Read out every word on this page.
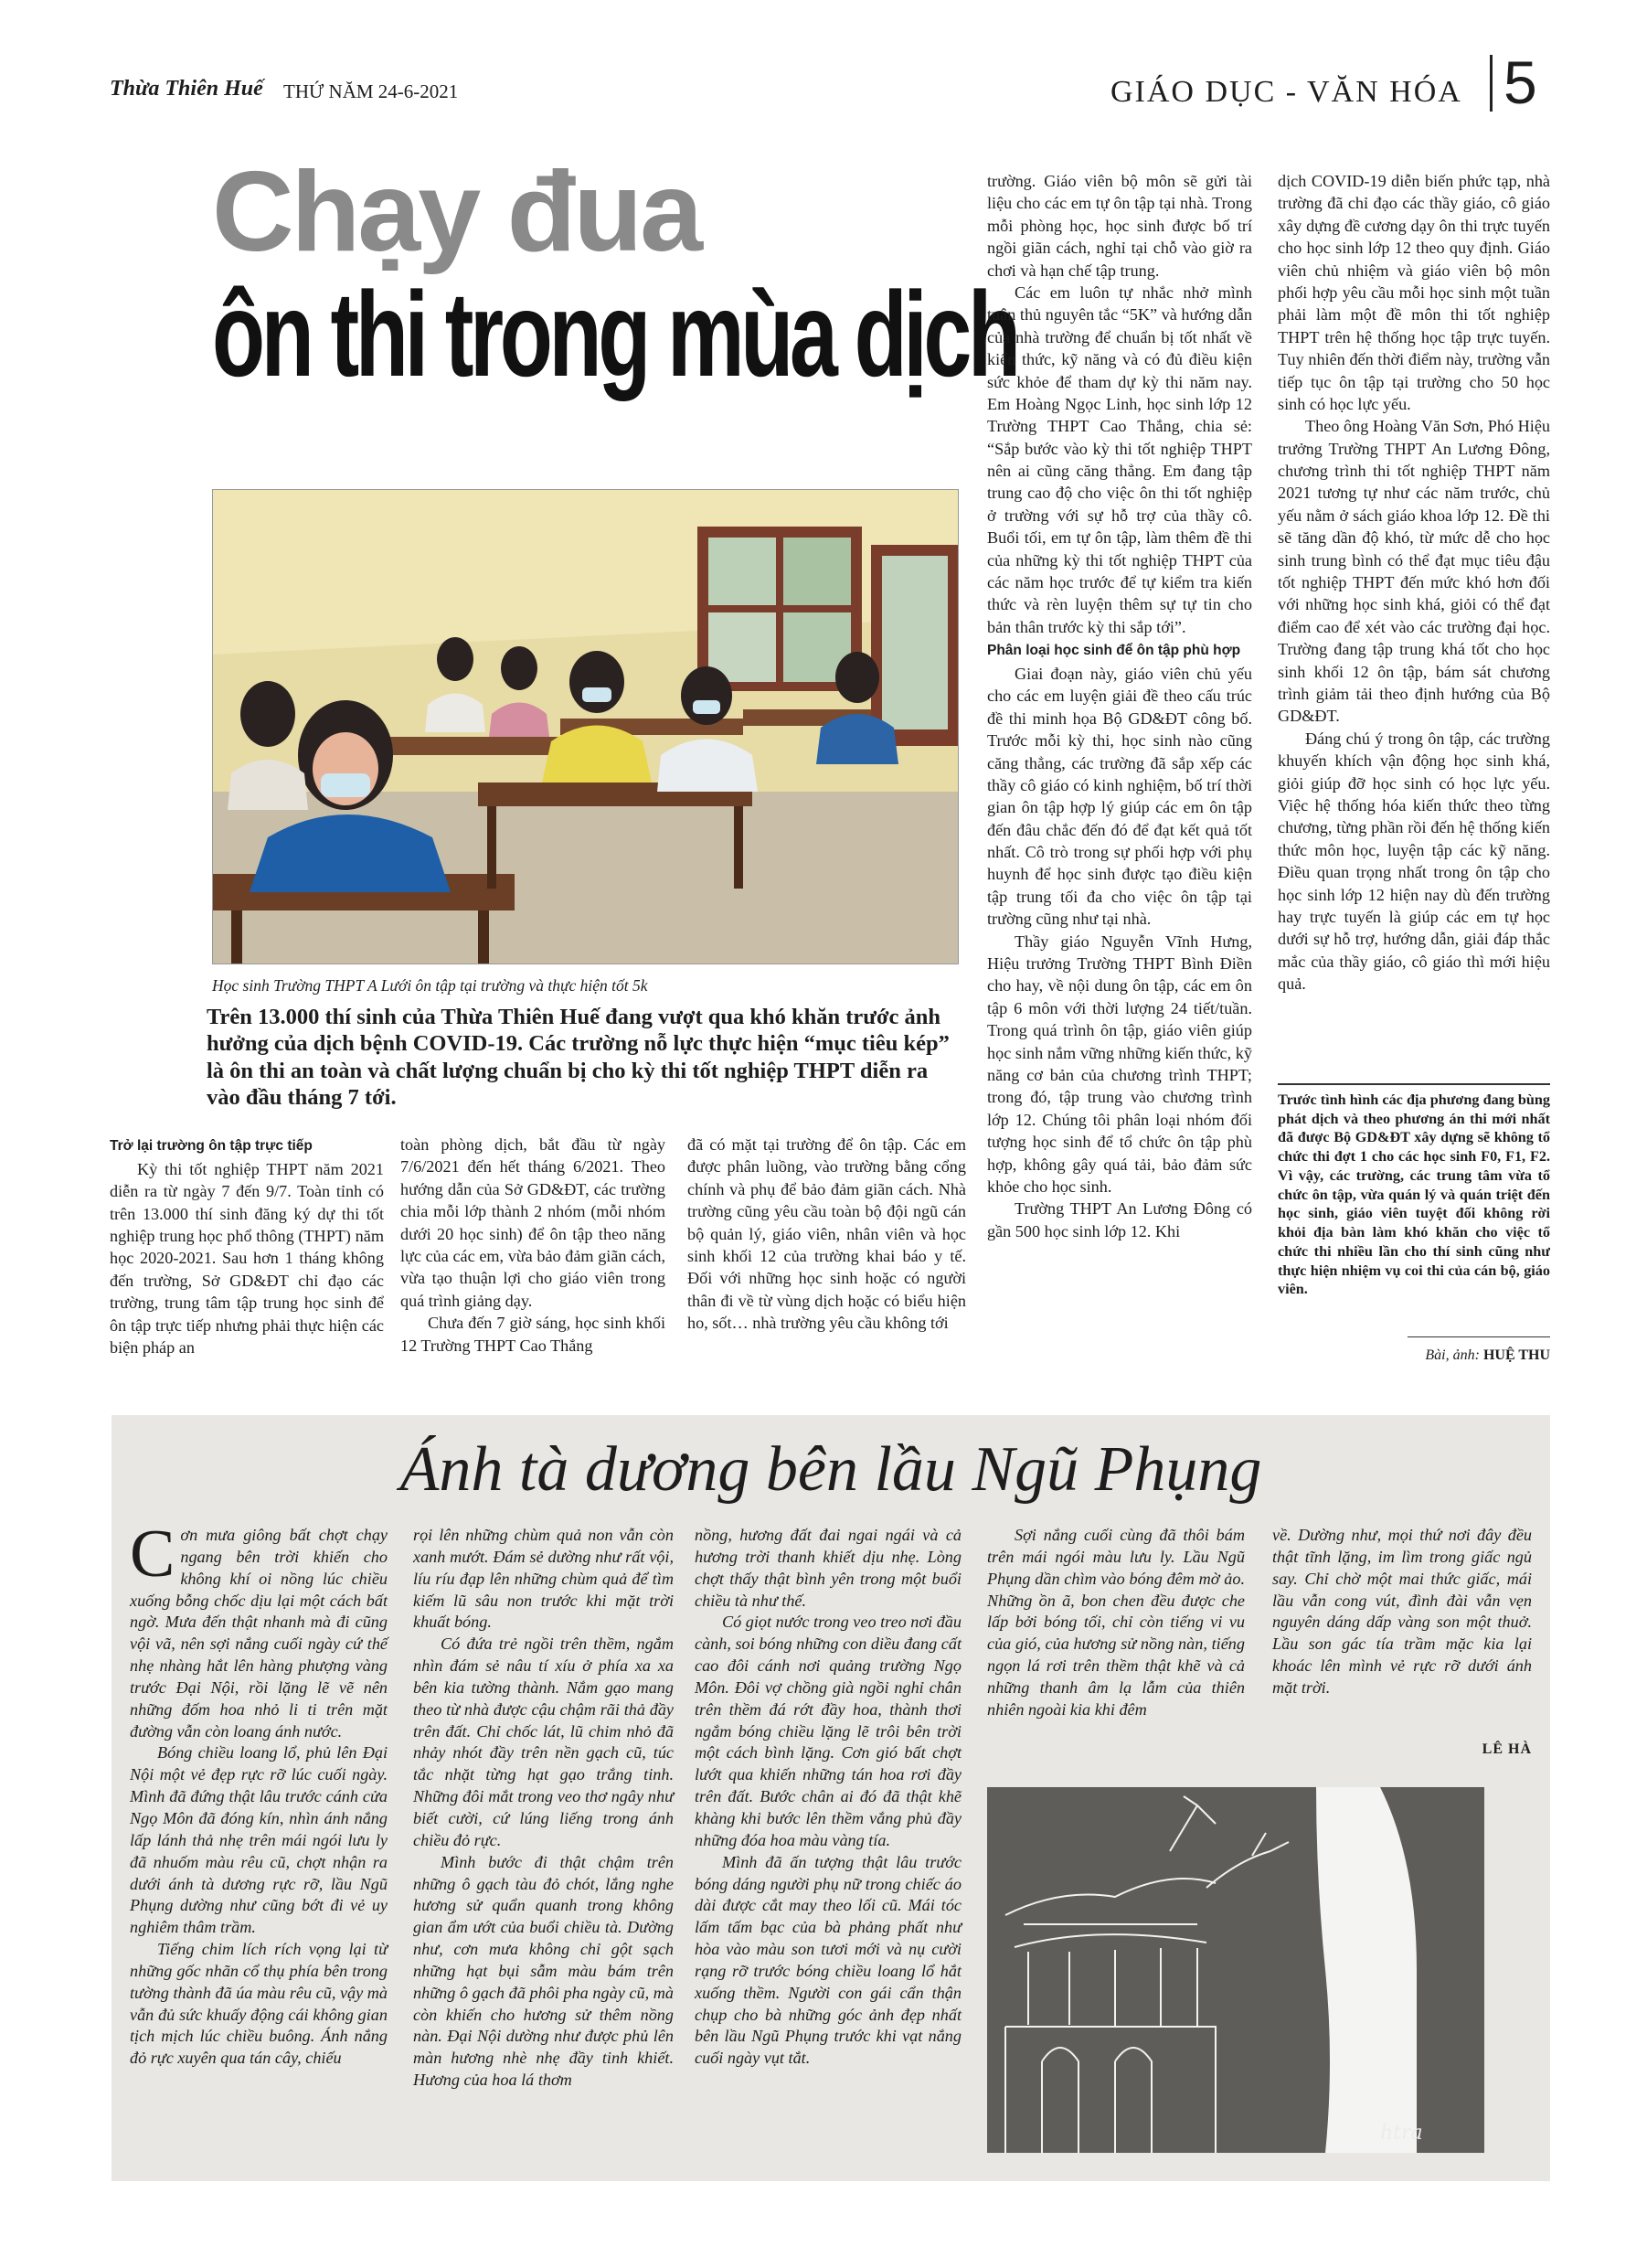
Thừa Thiên Huế THỨ NĂM 24-6-2021	GIÁO DỤC - VĂN HÓA 5
Chạy đua
ôn thi trong mùa dịch
Học sinh Trường THPT A Lưới ôn tập tại trường và thực hiện tốt 5k
Trên 13.000 thí sinh của Thừa Thiên Huế đang vượt qua khó khăn trước ảnh hưởng của dịch bệnh COVID-19. Các trường nỗ lực thực hiện “mục tiêu kép” là ôn thi an toàn và chất lượng chuẩn bị cho kỳ thi tốt nghiệp THPT diễn ra vào đầu tháng 7 tới.
Trở lại trường ôn tập trực tiếp

Kỳ thi tốt nghiệp THPT năm 2021 diễn ra từ ngày 7 đến 9/7. Toàn tỉnh có trên 13.000 thí sinh đăng ký dự thi tốt nghiệp trung học phổ thông (THPT) năm học 2020-2021. Sau hơn 1 tháng không đến trường, Sở GD&ĐT chỉ đạo các trường, trung tâm tập trung học sinh để ôn tập trực tiếp nhưng phải thực hiện các biện pháp an

toàn phòng dịch, bắt đầu từ ngày 7/6/2021 đến hết tháng 6/2021. Theo hướng dẫn của Sở GD&ĐT, các trường chia mỗi lớp thành 2 nhóm (mỗi nhóm dưới 20 học sinh) để ôn tập theo năng lực của các em, vừa bảo đảm giãn cách, vừa tạo thuận lợi cho giáo viên trong quá trình giảng dạy.

Chưa đến 7 giờ sáng, học sinh khối 12 Trường THPT Cao Thắng

đã có mặt tại trường để ôn tập. Các em được phân luồng, vào trường bằng cổng chính và phụ để bảo đảm giãn cách. Nhà trường cũng yêu cầu toàn bộ đội ngũ cán bộ quản lý, giáo viên, nhân viên và học sinh khối 12 của trường khai báo y tế. Đối với những học sinh hoặc có người thân đi về từ vùng dịch hoặc có biểu hiện ho, sốt… nhà trường yêu cầu không tới

trường. Giáo viên bộ môn sẽ gửi tài liệu cho các em tự ôn tập tại nhà. Trong mỗi phòng học, học sinh được bố trí ngồi giãn cách, nghỉ tại chỗ vào giờ ra chơi và hạn chế tập trung.

Các em luôn tự nhắc nhở mình tuân thủ nguyên tắc “5K” và hướng dẫn của nhà trường để chuẩn bị tốt nhất về kiến thức, kỹ năng và có đủ điều kiện sức khỏe để tham dự kỳ thi năm nay. Em Hoàng Ngọc Linh, học sinh lớp 12 Trường THPT Cao Thắng, chia sẻ: “Sắp bước vào kỳ thi tốt nghiệp THPT nên ai cũng căng thẳng. Em đang tập trung cao độ cho việc ôn thi tốt nghiệp ở trường với sự hỗ trợ của thầy cô. Buổi tối, em tự ôn tập, làm thêm đề thi của những kỳ thi tốt nghiệp THPT của các năm học trước để tự kiểm tra kiến thức và rèn luyện thêm sự tự tin cho bản thân trước kỳ thi sắp tới”.

Phân loại học sinh để ôn tập phù hợp

Giai đoạn này, giáo viên chủ yếu cho các em luyện giải đề theo cấu trúc đề thi minh họa Bộ GD&ĐT công bố. Trước mỗi kỳ thi, học sinh nào cũng căng thẳng, các trường đã sắp xếp các thầy cô giáo có kinh nghiệm, bố trí thời gian ôn tập hợp lý giúp các em ôn tập đến đâu chắc đến đó để đạt kết quả tốt nhất. Cô trò trong sự phối hợp với phụ huynh để học sinh được tạo điều kiện tập trung tối đa cho việc ôn tập tại trường cũng như tại nhà.

Thầy giáo Nguyễn Vĩnh Hưng, Hiệu trưởng Trường THPT Bình Điền cho hay, về nội dung ôn tập, các em ôn tập 6 môn với thời lượng 24 tiết/tuần. Trong quá trình ôn tập, giáo viên giúp học sinh nắm vững những kiến thức, kỹ năng cơ bản của chương trình THPT; trong đó, tập trung vào chương trình lớp 12. Chúng tôi phân loại nhóm đối tượng học sinh để tổ chức ôn tập phù hợp, không gây quá tải, bảo đảm sức khỏe cho học sinh.

Trường THPT An Lương Đông có gần 500 học sinh lớp 12. Khi

dịch COVID-19 diễn biến phức tạp, nhà trường đã chỉ đạo các thầy giáo, cô giáo xây dựng đề cương dạy ôn thi trực tuyến cho học sinh lớp 12 theo quy định. Giáo viên chủ nhiệm và giáo viên bộ môn phối hợp yêu cầu mỗi học sinh một tuần phải làm một đề môn thi tốt nghiệp THPT trên hệ thống học tập trực tuyến. Tuy nhiên đến thời điểm này, trường vẫn tiếp tục ôn tập tại trường cho 50 học sinh có học lực yếu.

Theo ông Hoàng Văn Sơn, Phó Hiệu trưởng Trường THPT An Lương Đông, chương trình thi tốt nghiệp THPT năm 2021 tương tự như các năm trước, chủ yếu nằm ở sách giáo khoa lớp 12. Đề thi sẽ tăng dần độ khó, từ mức dễ cho học sinh trung bình có thể đạt mục tiêu đậu tốt nghiệp THPT đến mức khó hơn đối với những học sinh khá, giỏi có thể đạt điểm cao để xét vào các trường đại học. Trường đang tập trung khá tốt cho học sinh khối 12 ôn tập, bám sát chương trình giảm tải theo định hướng của Bộ GD&ĐT.

Đáng chú ý trong ôn tập, các trường khuyến khích vận động học sinh khá, giỏi giúp đỡ học sinh có học lực yếu. Việc hệ thống hóa kiến thức theo từng chương, từng phần rồi đến hệ thống kiến thức môn học, luyện tập các kỹ năng. Điều quan trọng nhất trong ôn tập cho học sinh lớp 12 hiện nay dù đến trường hay trực tuyến là giúp các em tự học dưới sự hỗ trợ, hướng dẫn, giải đáp thắc mắc của thầy giáo, cô giáo thì mới hiệu quả.

Trước tình hình các địa phương đang bùng phát dịch và theo phương án thi mới nhất đã được Bộ GD&ĐT xây dựng sẽ không tổ chức thi đợt 1 cho các học sinh F0, F1, F2. Vì vậy, các trường, các trung tâm vừa tổ chức ôn tập, vừa quán lý và quán triệt đến học sinh, giáo viên tuyệt đối không rời khỏi địa bàn làm khó khăn cho việc tổ chức thi nhiều lần cho thí sinh cũng như thực hiện nhiệm vụ coi thi của cán bộ, giáo viên.
Bài, ảnh: HUỆ THU
Ánh tà dương bên lầu Ngũ Phụng

Cơn mưa giông bất chợt chạy ngang bên trời khiến cho không khí oi nồng lúc chiều xuống bỗng chốc dịu lại một cách bất ngờ. Mưa đến thật nhanh mà đi cũng vội vã, nên sợi nắng cuối ngày cứ thế nhẹ nhàng hắt lên hàng phượng vàng trước Đại Nội, rồi lặng lẽ vẽ nên những đốm hoa nhỏ li ti trên mặt đường vẫn còn loang ánh nước.

Bóng chiều loang lổ, phủ lên Đại Nội một vẻ đẹp rực rỡ lúc cuối ngày. Mình đã đứng thật lâu trước cánh cửa Ngọ Môn đã đóng kín, nhìn ánh nắng lấp lánh thả nhẹ trên mái ngói lưu ly đã nhuốm màu rêu cũ, chợt nhận ra dưới ánh tà dương rực rỡ, lầu Ngũ Phụng dường như cũng bớt đi vẻ uy nghiêm thâm trầm.

Tiếng chim lích rích vọng lại từ những gốc nhãn cổ thụ phía bên trong tường thành đã úa màu rêu cũ, vậy mà vẫn đủ sức khuấy động cái không gian tịch mịch lúc chiều buông. Ánh nắng đỏ rực xuyên qua tán cây, chiếu

rọi lên những chùm quả non vẫn còn xanh mướt. Đám sẻ dường như rất vội, líu ríu đạp lên những chùm quả để tìm kiếm lũ sâu non trước khi mặt trời khuất bóng.

Có đứa trẻ ngồi trên thềm, ngắm nhìn đám sẻ nâu tí xíu ở phía xa xa bên kia tường thành. Nắm gạo mang theo từ nhà được cậu chậm rãi thả đầy trên đất. Chỉ chốc lát, lũ chim nhỏ đã nhảy nhót đầy trên nền gạch cũ, túc tắc nhặt từng hạt gạo trắng tinh. Những đôi mắt trong veo thơ ngây như biết cười, cứ lúng liếng trong ánh chiều đỏ rực.

Mình bước đi thật chậm trên những ô gạch tàu đỏ chót, lắng nghe hương sử quẩn quanh trong không gian ẩm ướt của buổi chiều tà. Dường như, cơn mưa không chỉ gột sạch những hạt bụi sẫm màu bám trên những ô gạch đã phôi pha ngày cũ, mà còn khiến cho hương sử thêm nồng nàn. Đại Nội dường như được phủ lên màn hương nhè nhẹ đầy tinh khiết. Hương của hoa lá thơm

nồng, hương đất đai ngai ngái và cả hương trời thanh khiết dịu nhẹ. Lòng chợt thấy thật bình yên trong một buổi chiều tà như thế.

Có giọt nước trong veo treo nơi đầu cành, soi bóng những con diều đang cất cao đôi cánh nơi quảng trường Ngọ Môn. Đôi vợ chồng già ngồi nghỉ chân trên thềm đá rớt đầy hoa, thành thơi ngắm bóng chiều lặng lẽ trôi bên trời một cách bình lặng. Cơn gió bất chợt lướt qua khiến những tán hoa rơi đầy trên đất. Bước chân ai đó đã thật khẽ khàng khi bước lên thềm vắng phủ đầy những đóa hoa màu vàng tía.

Mình đã ấn tượng thật lâu trước bóng dáng người phụ nữ trong chiếc áo dài được cắt may theo lối cũ. Mái tóc lấm tấm bạc của bà phảng phất như hòa vào màu son tươi mới và nụ cười rạng rỡ trước bóng chiều loang lổ hắt xuống thềm. Người con gái cẩn thận chụp cho bà những góc ảnh đẹp nhất bên lầu Ngũ Phụng trước khi vạt nắng cuối ngày vụt tắt.

Sợi nắng cuối cùng đã thôi bám trên mái ngói màu lưu ly. Lầu Ngũ Phụng dần chìm vào bóng đêm mờ ảo. Những ồn ã, bon chen đều được che lấp bởi bóng tối, chỉ còn tiếng vi vu của gió, của hương sử nồng nàn, tiếng ngọn lá rơi trên thềm thật khẽ và cả những thanh âm lạ lẫm của thiên nhiên ngoài kia khi đêm

về. Dường như, mọi thứ nơi đây đều thật tĩnh lặng, im lìm trong giấc ngủ say. Chỉ chờ một mai thức giấc, mái lầu vẫn cong vút, đình đài vẫn vẹn nguyên dáng dấp vàng son một thuở. Lầu son gác tía trầm mặc kia lại khoác lên mình vẻ rực rỡ dưới ánh mặt trời.

LÊ HÀ
htra
